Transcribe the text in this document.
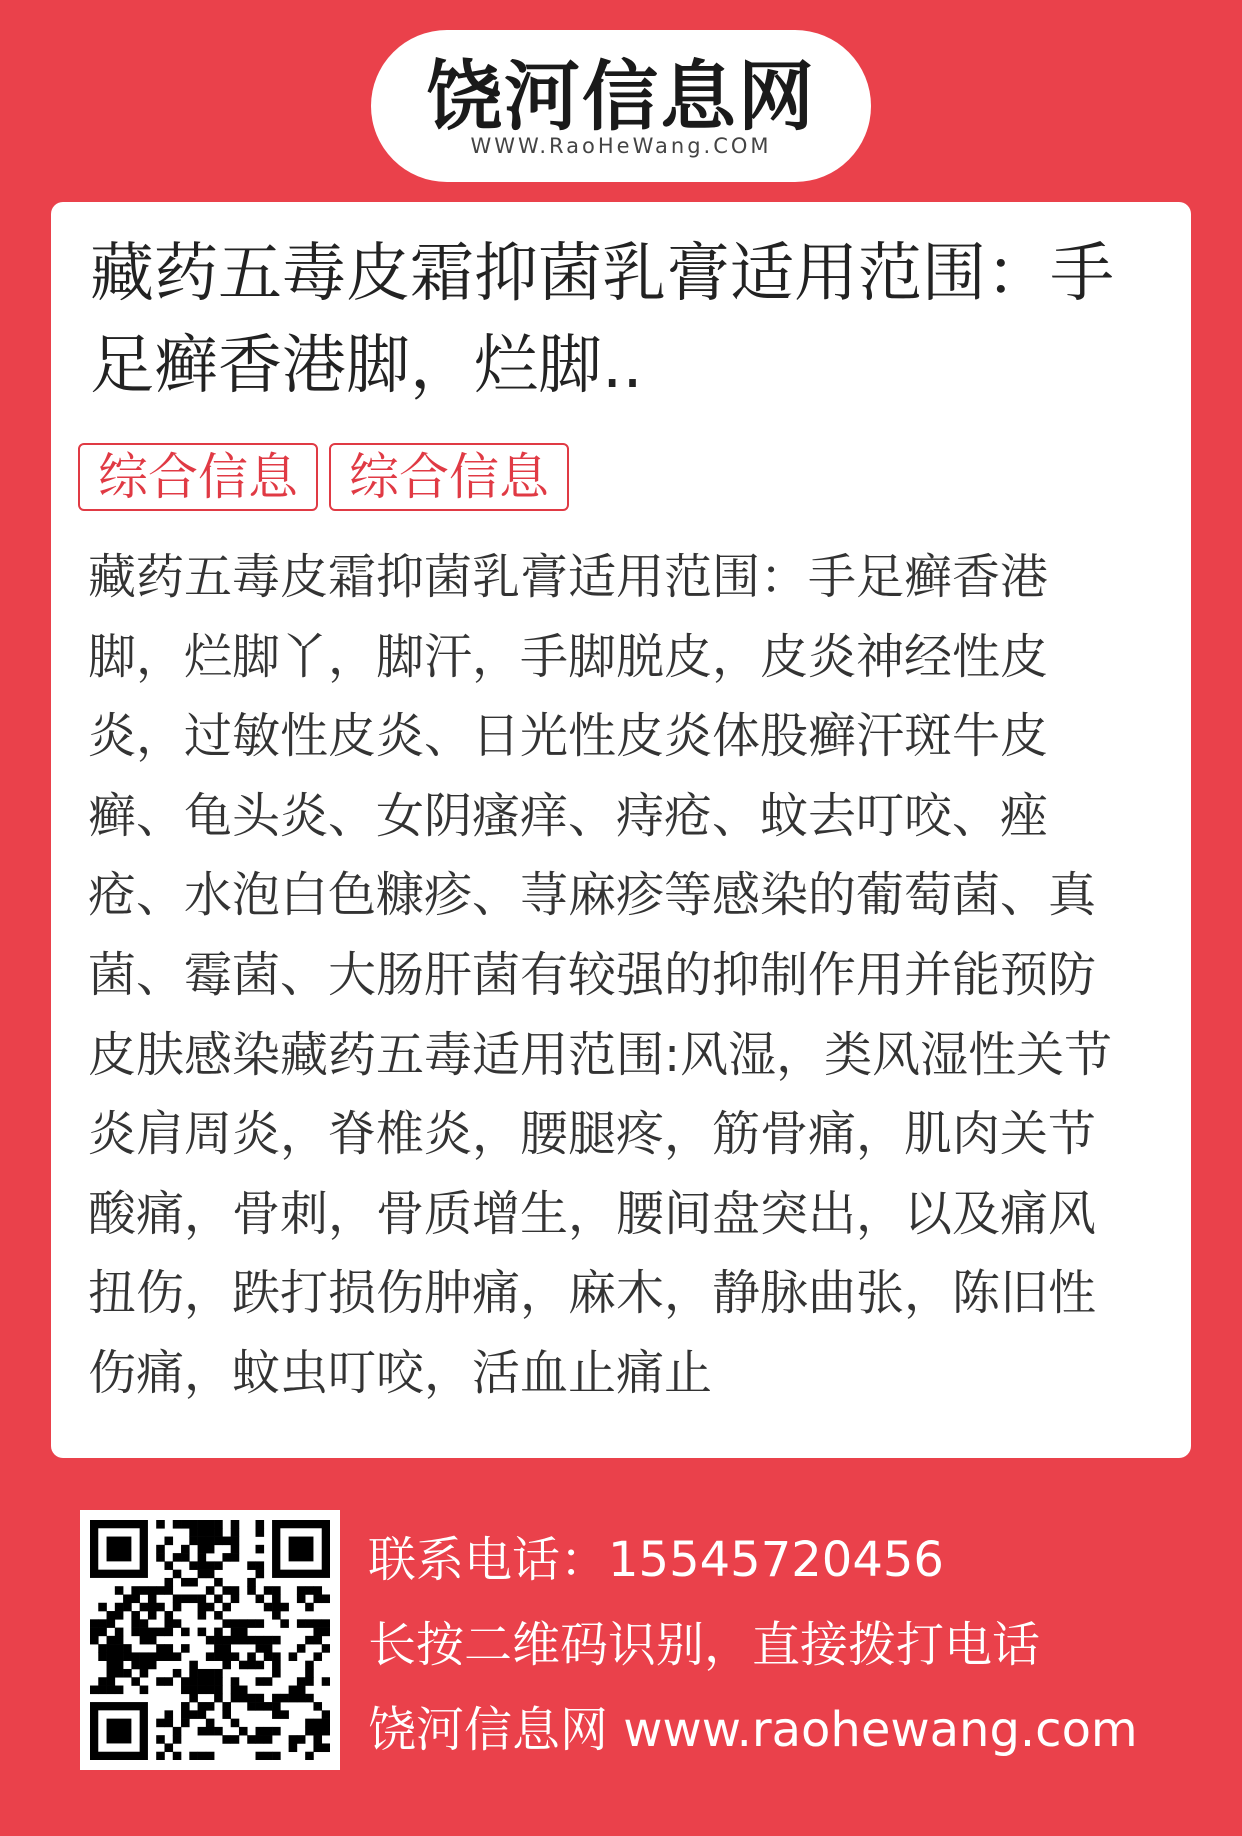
饶河信息网
WWW.RaoHeWang.COM
藏药五毒皮霜抑菌乳膏适用范围：手足癣香港脚，烂脚..
综合信息 综合信息
藏药五毒皮霜抑菌乳膏适用范围：手足癣香港脚，烂脚丫，脚汗，手脚脱皮，皮炎神经性皮炎，过敏性皮炎、日光性皮炎体股癣汗斑牛皮癣、龟头炎、女阴瘙痒、痔疮、蚊去叮咬、痤疮、水泡白色糠疹、荨麻疹等感染的葡萄菌、真菌、霉菌、大肠肝菌有较强的抑制作用并能预防皮肤感染藏药五毒适用范围:风湿，类风湿性关节炎肩周炎，脊椎炎，腰腿疼，筋骨痛，肌肉关节酸痛，骨刺，骨质增生，腰间盘突出，以及痛风扭伤，跌打损伤肿痛，麻木，静脉曲张，陈旧性伤痛，蚊虫叮咬，活血止痛止
联系电话：15545720456
长按二维码识别，直接拨打电话
饶河信息网 www.raohewang.com
